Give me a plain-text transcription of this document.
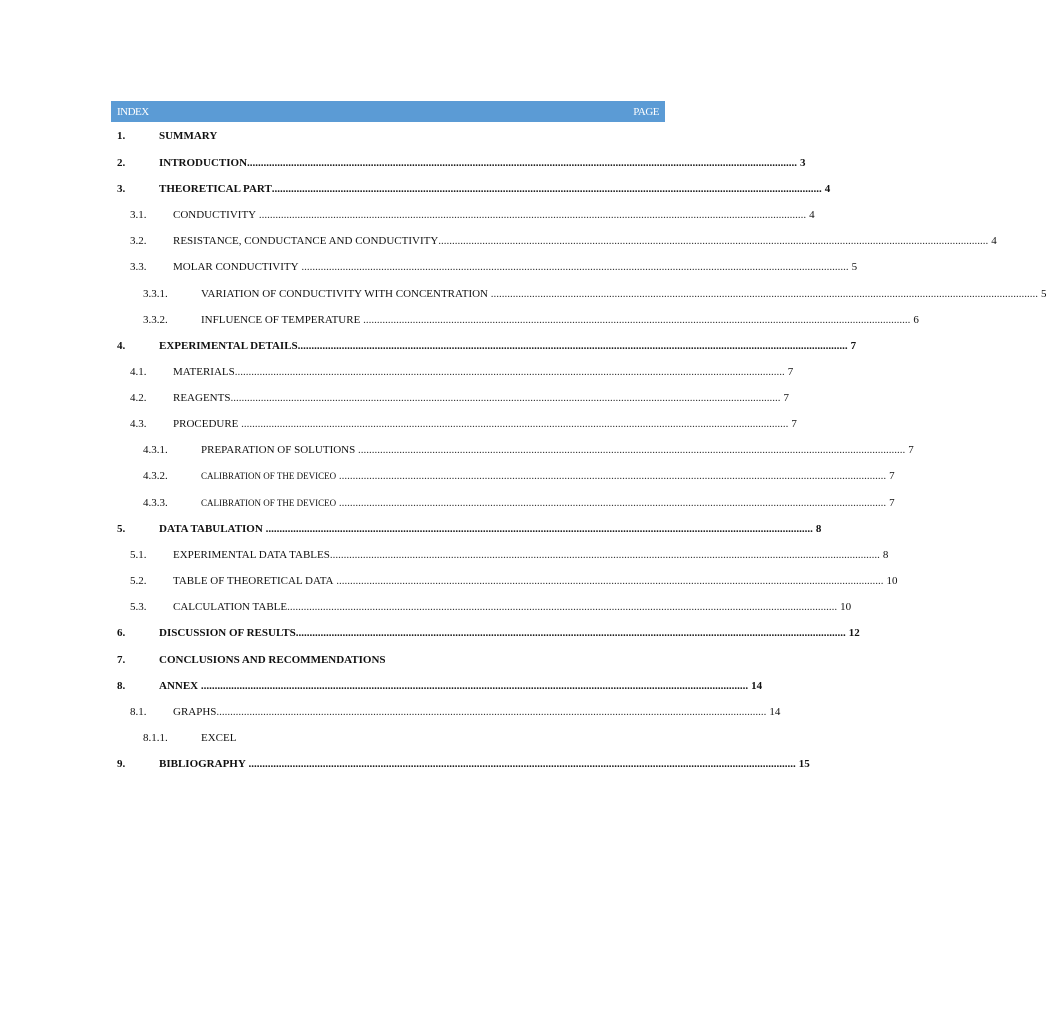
INDEX	PAGE
1.	SUMMARY
2.	INTRODUCTION ........................................................................................................................................................................................................ 3
3.	THEORETICAL PART ........................................................................................................................................................................................................ 4
3.1. CONDUCTIVITY ....................................................................................................................................................................................................... 4
3.2. RESISTANCE, CONDUCTANCE AND CONDUCTIVITY ........................................................................................................................................................................................................ 4
3.3. MOLAR CONDUCTIVITY ....................................................................................................................................................................................................... 5
3.3.1.	VARIATION OF CONDUCTIVITY WITH CONCENTRATION ....................................................................................................................................................................................................... 5
3.3.2.	INFLUENCE OF TEMPERATURE ....................................................................................................................................................................................................... 6
4.	EXPERIMENTAL DETAILS ........................................................................................................................................................................................................ 7
4.1. MATERIALS ........................................................................................................................................................................................................ 7
4.2. REAGENTS ........................................................................................................................................................................................................ 7
4.3. PROCEDURE ....................................................................................................................................................................................................... 7
4.3.1.	PREPARATION OF SOLUTIONS ....................................................................................................................................................................................................... 7
4.3.2.	CALIBRATION OF THE DEVICEO ....................................................................................................................................................................................................... 7
4.3.3.	CALIBRATION OF THE DEVICEO ....................................................................................................................................................................................................... 7
5.	DATA TABULATION ....................................................................................................................................................................................................... 8
5.1. EXPERIMENTAL DATA TABLES ........................................................................................................................................................................................................ 8
5.2. TABLE OF THEORETICAL DATA ....................................................................................................................................................................................................... 10
5.3. CALCULATION TABLE ........................................................................................................................................................................................................ 10
6.	DISCUSSION OF RESULTS ........................................................................................................................................................................................................ 12
7.	CONCLUSIONS AND RECOMMENDATIONS
8.	ANNEX ....................................................................................................................................................................................................... 14
8.1. GRAPHS ........................................................................................................................................................................................................ 14
8.1.1.	EXCEL
9.	BIBLIOGRAPHY ....................................................................................................................................................................................................... 15
